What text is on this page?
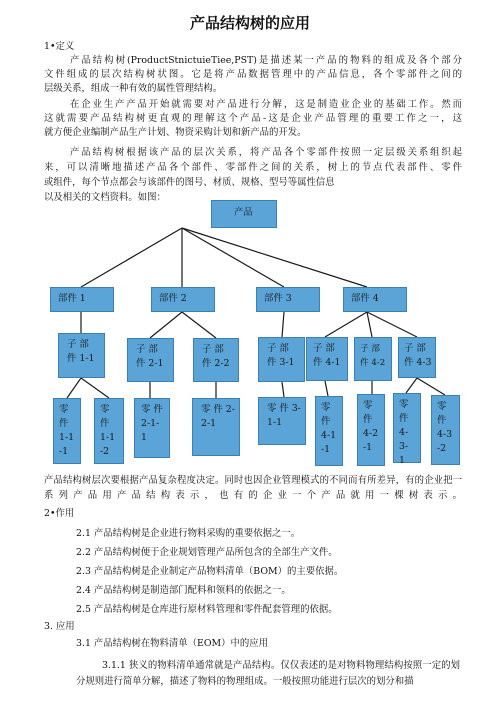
产品结构树的应用
1•定义
产品结构树(ProductStnictuieTiee,PST)是描述某一产品的物料的组成及各个部分
文件组成的层次结构树状图。它是将产品数据管理中的产品信息，各个零部件之间的
层级关系，组成一种有效的属性管理结构。
在企业生产产品开始就需要对产品进行分解，这是制造业企业的基础工作。然而
这就需要产品结构树更直观的理解这个产品-这是企业产品管理的重要工作之一，这
就方便企业编制产品生产计划、物资采购计划和新产品的开发。
产品结构树根据该产品的层次关系，将产品各个零部件按照一定层级关系组织起
来，可以清晰地描述产品各个部件、零部件之间的关系，树上的节点代表部件、零件
或组件，每个节点都会与该部件的图号、材质、规格、型号等属性信息
以及相关的文档资料。如图：
产品
部件 1	部件 2	部件 3	部件 4
子 部 件 1-1
子 部 件 2-1
子 部 件 2-2
子 部 件 3-1
子 部 件 4-1
子 部 件 4-2
子 部 件 4-3
零 件 1-1 -1
零 件 1-1 -2
零 件 2-1- 1
零 件 2-2-1
零 件 3-1-1
零 件 4-1 -1
零 件 4-2 -1
零 件 4-3- 1
零 件 4-3 -2
产品结构树层次要根据产品复杂程度决定。同时也因企业管理模式的不同而有所差异，有的企业把一
系 列 产 品 用 产 品 结 构 表 示 ， 也 有 的 企 业 一 个 产 品 就 用 一 棵 树 表 示 。
2•作用
2.1 产品结构树是企业进行物料采购的重要依据之一。
2.2 产品结构树便于企业规划管理产品所包含的全部生产文件。
2.3 产品结构树是企业制定产品物料清单（BOM）的主要依据。
2.4 产品结构树是制造部门配料和领料的依据之一。
2.5 产品结构树是仓库进行原材料管理和零件配套管理的依据。
3. 应用
3.1 产品结构树在物料清单（EOM）中的应用
3.1.1 狭义的物料清单通常就是产品结构。仅仅表述的是对物料物理结构按照一定的划
分规则进行简单分解，描述了物料的物理组成。一般按照功能进行层次的划分和描
